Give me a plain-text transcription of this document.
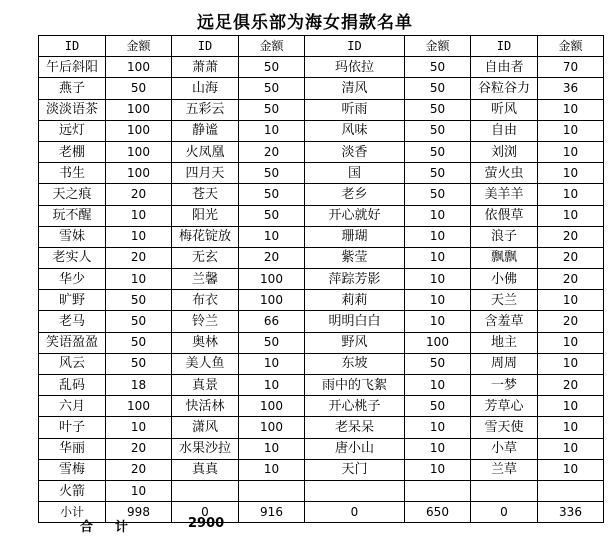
远足俱乐部为海女捐款名单
ID	金额	ID	金额	ID	金额	ID	金额
午后斜阳	100	萧萧	50	玛依拉	50	自由者	70
燕子	50	山海	50	清风	50	谷粒谷力	36
淡淡语茶	100	五彩云	50	听雨	50	听风	10
远灯	100	静谧	10	风味	50	自由	10
老棚	100	火凤凰	20	淡香	50	刘浏	10
书生	100	四月天	50	国	50	萤火虫	10
天之痕	20	苍天	50	老乡	50	美羊羊	10
玩不醒	10	阳光	50	开心就好	10	依偎草	10
雪妹	10	梅花锭放	10	珊瑚	10	浪子	20
老实人	20	无玄	20	紫莹	10	飘飘	20
华少	10	兰馨	100	萍踪芳影	10	小佛	20
旷野	50	布衣	100	莉莉	10	天兰	10
老马	50	铃兰	66	明明白白	10	含羞草	20
笑语盈盈	50	奥林	50	野风	100	地主	10
风云	50	美人鱼	10	东坡	50	周周	10
乱码	18	真景	10	雨中的飞絮	10	一梦	20
六月	100	快活林	100	开心桃子	50	芳草心	10
叶子	10	潇风	100	老呆呆	10	雪天使	10
华丽	20	水果沙拉	10	唐小山	10	小草	10
雪梅	20	真真	10	天门	10	兰草	10
火箭	10						
小计	998	0	916	0	650	0	336
合计	2900
